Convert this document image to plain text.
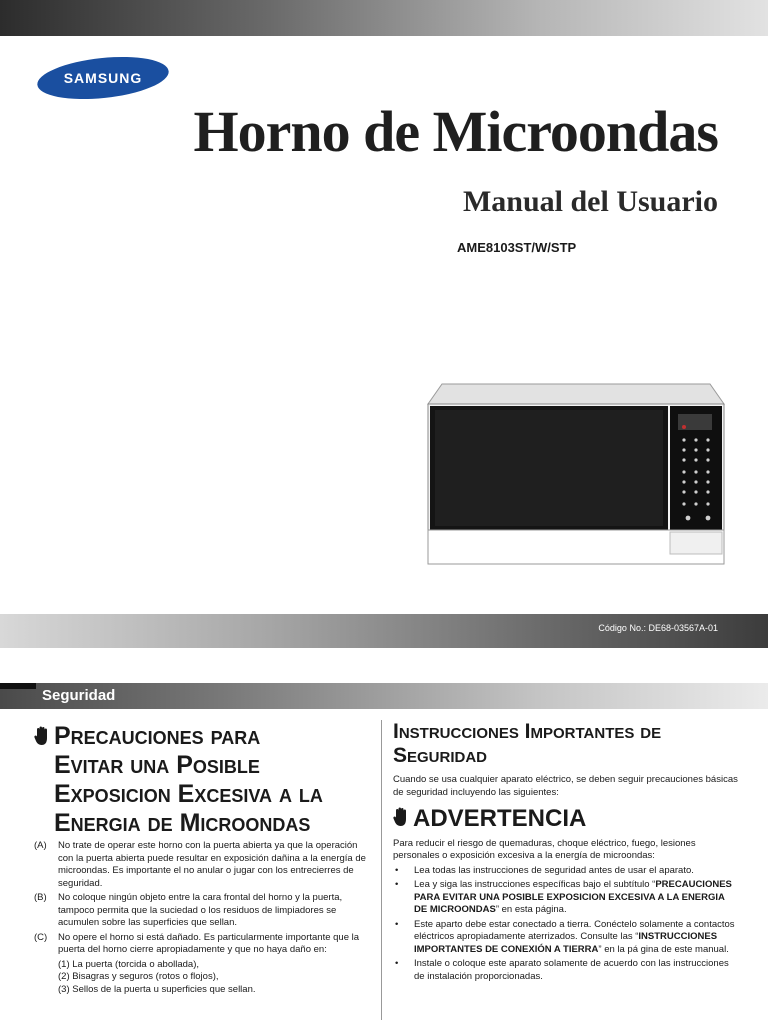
SAMSUNG
Horno de Microondas
Manual del Usuario
AME8103ST/W/STP
Código No.: DE68-03567A-01
Seguridad
Precauciones para
Evitar una Posible
Exposicion Excesiva a la
Energia de Microondas
(A)	No trate de operar este horno con la puerta abierta ya que la operación con la puerta abierta puede resultar en exposición dañina a la energía de microondas. Es importante el no anular o jugar con los entrecierres de seguridad.
(B)	No coloque ningún objeto entre la cara frontal del horno y la puerta, tampoco permita que la suciedad o los residuos de limpiadores se acumulen sobre las superficies que sellan.
(C)	No opere el horno si está dañado. Es particularmente importante que la puerta del horno cierre apropiadamente y que no haya daño en:
(1) La puerta (torcida o abollada),
(2) Bisagras y seguros (rotos o flojos),
(3) Sellos de la puerta u superficies que sellan.
Instrucciones Importantes de
Seguridad
Cuando se usa cualquier aparato eléctrico, se deben seguir precauciones básicas de seguridad incluyendo las siguientes:
ADVERTENCIA
Para reducir el riesgo de quemaduras, choque eléctrico, fuego, lesiones personales o exposición excesiva a la energía de microondas:
•	Lea todas las instrucciones de seguridad antes de usar el aparato.
•	Lea y siga las instrucciones específicas bajo el subtítulo “PRECAUCIONES PARA EVITAR UNA POSIBLE EXPOSICION EXCESIVA A LA ENERGIA DE MICROONDAS” en esta página.
•	Este aparto debe estar conectado a tierra. Conéctelo solamente a contactos eléctricos apropiadamente aterrizados. Consulte las “INSTRUCCIONES IMPORTANTES DE CONEXIÓN A TIERRA” en la pá gina de este manual.
•	Instale o coloque este aparato solamente de acuerdo con las instrucciones de instalación proporcionadas.
